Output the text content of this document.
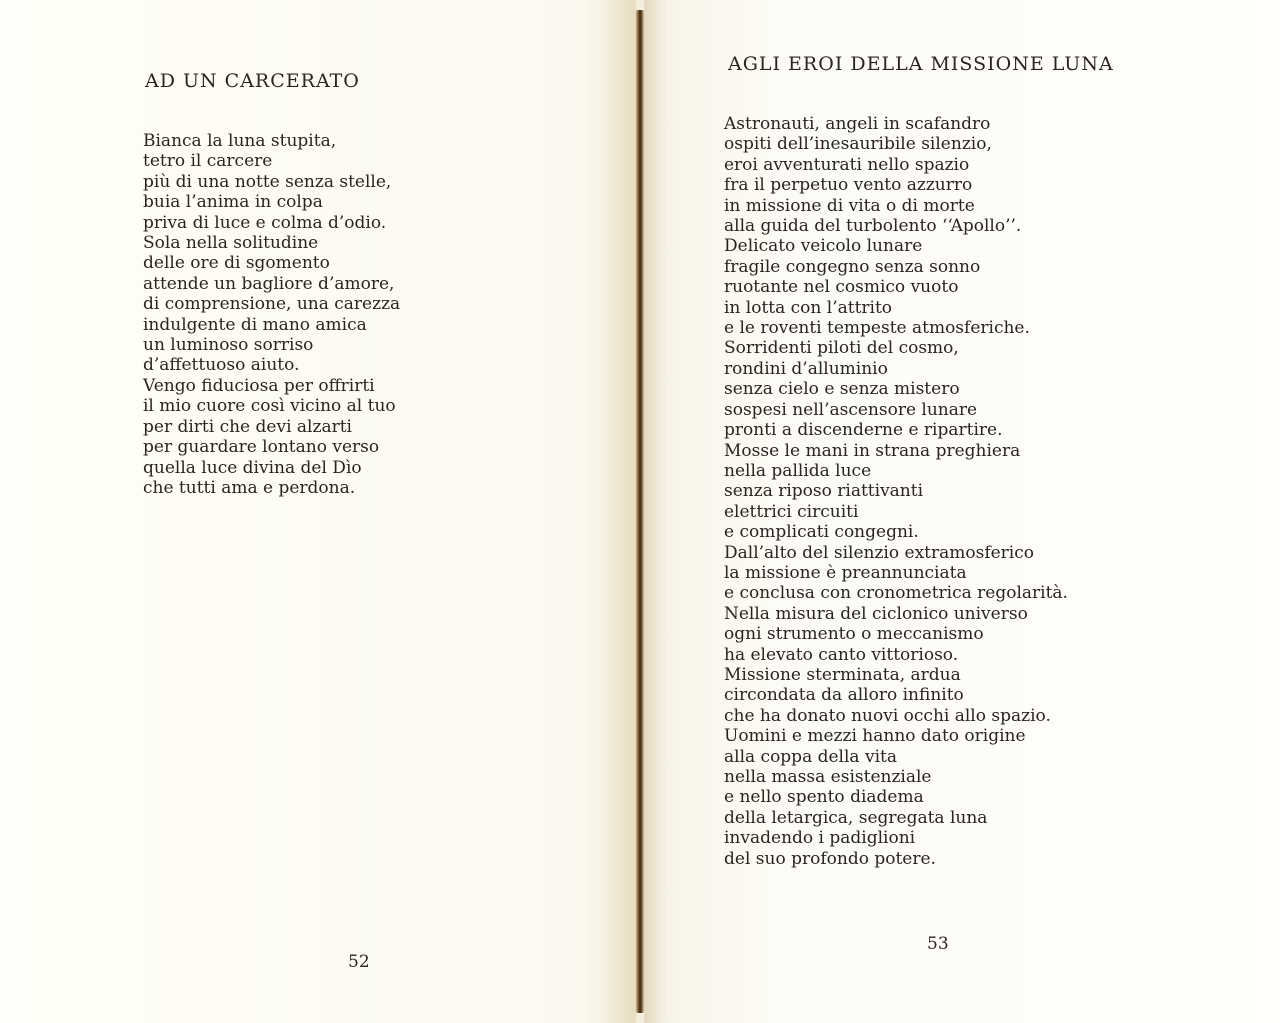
AD UN CARCERATO
Bianca la luna stupita,
tetro il carcere
più di una notte senza stelle,
buia l’anima in colpa
priva di luce e colma d’odio.
Sola nella solitudine
delle ore di sgomento
attende un bagliore d’amore,
di comprensione, una carezza
indulgente di mano amica
un luminoso sorriso
d’affettuoso aiuto.
Vengo fiduciosa per offrirti
il mio cuore così vicino al tuo
per dirti che devi alzarti
per guardare lontano verso
quella luce divina del Dìo
che tutti ama e perdona.
52
AGLI EROI DELLA MISSIONE LUNA
Astronauti, angeli in scafandro
ospiti dell’inesauribile silenzio,
eroi avventurati nello spazio
fra il perpetuo vento azzurro
in missione di vita o di morte
alla guida del turbolento ‘‘Apollo’’.
Delicato veicolo lunare
fragile congegno senza sonno
ruotante nel cosmico vuoto
in lotta con l’attrito
e le roventi tempeste atmosferiche.
Sorridenti piloti del cosmo,
rondini d’alluminio
senza cielo e senza mistero
sospesi nell’ascensore lunare
pronti a discenderne e ripartire.
Mosse le mani in strana preghiera
nella pallida luce
senza riposo riattivanti
elettrici circuiti
e complicati congegni.
Dall’alto del silenzio extramosferico
la missione è preannunciata
e conclusa con cronometrica regolarità.
Nella misura del ciclonico universo
ogni strumento o meccanismo
ha elevato canto vittorioso.
Missione sterminata, ardua
circondata da alloro infinito
che ha donato nuovi occhi allo spazio.
Uomini e mezzi hanno dato origine
alla coppa della vita
nella massa esistenziale
e nello spento diadema
della letargica, segregata luna
invadendo i padiglioni
del suo profondo potere.
53
